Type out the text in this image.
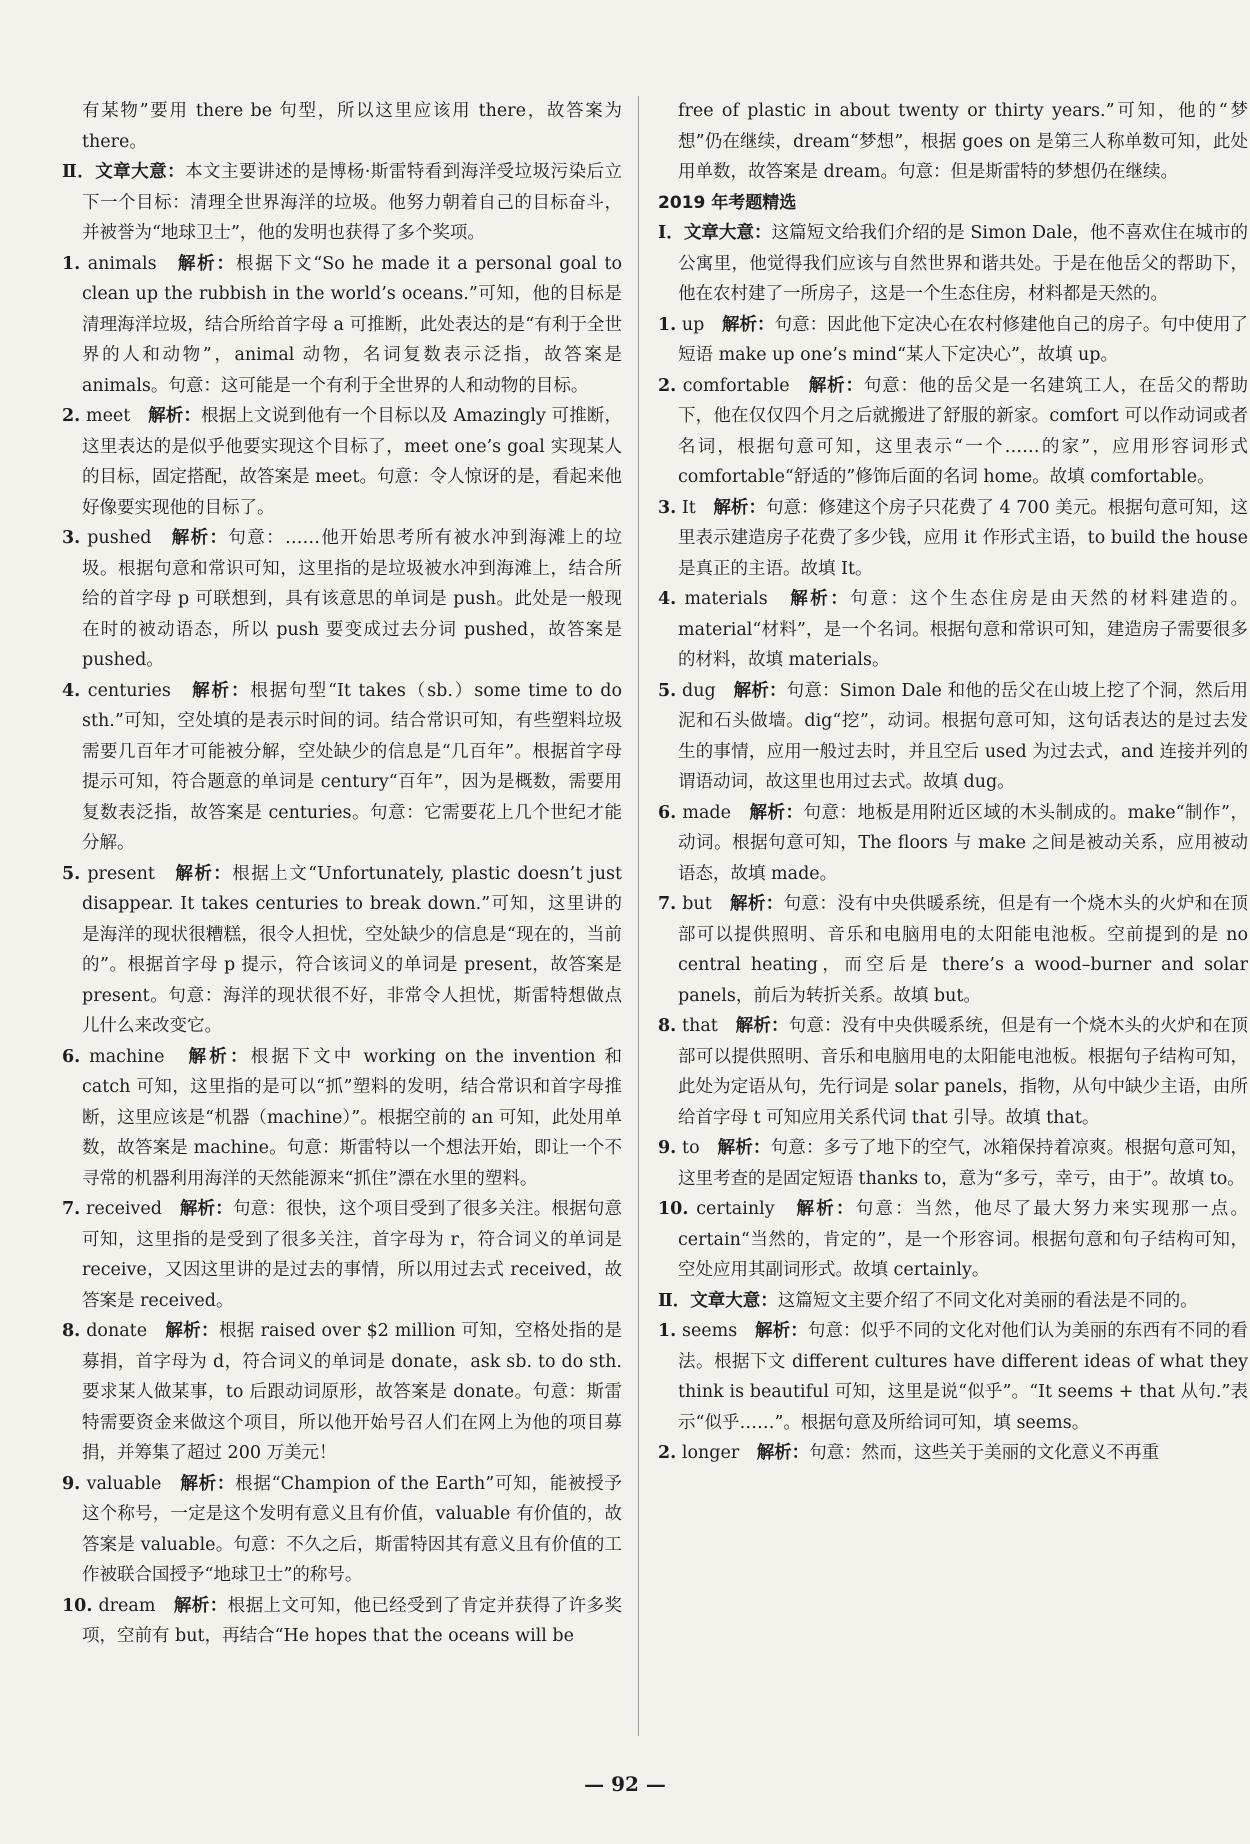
有某物”要用 there be 句型，所以这里应该用 there，故答案为 there。

Ⅱ．文章大意：本文主要讲述的是博杨·斯雷特看到海洋受垃圾污染后立下一个目标：清理全世界海洋的垃圾。他努力朝着自己的目标奋斗，并被誉为“地球卫士”，他的发明也获得了多个奖项。

1. animals　 解析：根据下文“So he made it a personal goal to clean up the rubbish in the world’s oceans.”可知，他的目标是清理海洋垃圾，结合所给首字母 a 可推断，此处表达的是“有利于全世界的人和动物”，animal 动物，名词复数表示泛指，故答案是 animals。句意：这可能是一个有利于全世界的人和动物的目标。

2. meet　 解析：根据上文说到他有一个目标以及 Amazingly 可推断，这里表达的是似乎他要实现这个目标了，meet one’s goal 实现某人的目标，固定搭配，故答案是 meet。句意：令人惊讶的是，看起来他好像要实现他的目标了。

3. pushed　 解析：句意：……他开始思考所有被水冲到海滩上的垃圾。根据句意和常识可知，这里指的是垃圾被水冲到海滩上，结合所给的首字母 p 可联想到，具有该意思的单词是 push。此处是一般现在时的被动语态，所以 push 要变成过去分词 pushed，故答案是 pushed。

4. centuries　 解析：根据句型“It takes（sb.）some time to do sth.”可知，空处填的是表示时间的词。结合常识可知，有些塑料垃圾需要几百年才可能被分解，空处缺少的信息是“几百年”。根据首字母提示可知，符合题意的单词是 century“百年”，因为是概数，需要用复数表泛指，故答案是 centuries。句意：它需要花上几个世纪才能分解。

5. present　 解析：根据上文“Unfortunately, plastic doesn’t just disappear. It takes centuries to break down.”可知，这里讲的是海洋的现状很糟糕，很令人担忧，空处缺少的信息是“现在的，当前的”。根据首字母 p 提示，符合该词义的单词是 present，故答案是 present。句意：海洋的现状很不好，非常令人担忧，斯雷特想做点儿什么来改变它。

6. machine　 解析：根据下文中 working on the invention 和 catch 可知，这里指的是可以“抓”塑料的发明，结合常识和首字母推断，这里应该是“机器（machine）”。根据空前的 an 可知，此处用单数，故答案是 machine。句意：斯雷特以一个想法开始，即让一个不寻常的机器利用海洋的天然能源来“抓住”漂在水里的塑料。

7. received　 解析：句意：很快，这个项目受到了很多关注。根据句意可知，这里指的是受到了很多关注，首字母为 r，符合词义的单词是 receive，又因这里讲的是过去的事情，所以用过去式 received，故答案是 received。

8. donate　 解析：根据 raised over $2 million 可知，空格处指的是募捐，首字母为 d，符合词义的单词是 donate，ask sb. to do sth. 要求某人做某事，to 后跟动词原形，故答案是 donate。句意：斯雷特需要资金来做这个项目，所以他开始号召人们在网上为他的项目募捐，并筹集了超过 200 万美元！

9. valuable　 解析：根据“Champion of the Earth”可知，能被授予这个称号，一定是这个发明有意义且有价值，valuable 有价值的，故答案是 valuable。句意：不久之后，斯雷特因其有意义且有价值的工作被联合国授予“地球卫士”的称号。

10. dream　 解析：根据上文可知，他已经受到了肯定并获得了许多奖项，空前有 but，再结合“He hopes that the oceans will be

free of plastic in about twenty or thirty years.”可知，他的“梦想”仍在继续，dream“梦想”，根据 goes on 是第三人称单数可知，此处用单数，故答案是 dream。句意：但是斯雷特的梦想仍在继续。

2019 年考题精选

Ⅰ．文章大意：这篇短文给我们介绍的是 Simon Dale，他不喜欢住在城市的公寓里，他觉得我们应该与自然世界和谐共处。于是在他岳父的帮助下，他在农村建了一所房子，这是一个生态住房，材料都是天然的。

1. up　 解析：句意：因此他下定决心在农村修建他自己的房子。句中使用了短语 make up one’s mind“某人下定决心”，故填 up。

2. comfortable　 解析：句意：他的岳父是一名建筑工人，在岳父的帮助下，他在仅仅四个月之后就搬进了舒服的新家。comfort 可以作动词或者名词，根据句意可知，这里表示“一个……的家”，应用形容词形式 comfortable“舒适的”修饰后面的名词 home。故填 comfortable。

3. It　 解析：句意：修建这个房子只花费了 4 700 美元。根据句意可知，这里表示建造房子花费了多少钱，应用 it 作形式主语，to build the house 是真正的主语。故填 It。

4. materials　 解析：句意：这个生态住房是由天然的材料建造的。material“材料”，是一个名词。根据句意和常识可知，建造房子需要很多的材料，故填 materials。

5. dug　 解析：句意：Simon Dale 和他的岳父在山坡上挖了个洞，然后用泥和石头做墙。dig“挖”，动词。根据句意可知，这句话表达的是过去发生的事情，应用一般过去时，并且空后 used 为过去式，and 连接并列的谓语动词，故这里也用过去式。故填 dug。

6. made　 解析：句意：地板是用附近区域的木头制成的。make“制作”，动词。根据句意可知，The floors 与 make 之间是被动关系，应用被动语态，故填 made。

7. but　 解析：句意：没有中央供暖系统，但是有一个烧木头的火炉和在顶部可以提供照明、音乐和电脑用电的太阳能电池板。空前提到的是 no central heating，而空后是 there’s a wood–burner and solar panels，前后为转折关系。故填 but。

8. that　 解析：句意：没有中央供暖系统，但是有一个烧木头的火炉和在顶部可以提供照明、音乐和电脑用电的太阳能电池板。根据句子结构可知，此处为定语从句，先行词是 solar panels，指物，从句中缺少主语，由所给首字母 t 可知应用关系代词 that 引导。故填 that。

9. to　 解析：句意：多亏了地下的空气，冰箱保持着凉爽。根据句意可知，这里考查的是固定短语 thanks to，意为“多亏，幸亏，由于”。故填 to。

10. certainly　 解析：句意：当然，他尽了最大努力来实现那一点。certain“当然的，肯定的”，是一个形容词。根据句意和句子结构可知，空处应用其副词形式。故填 certainly。

Ⅱ．文章大意：这篇短文主要介绍了不同文化对美丽的看法是不同的。

1. seems　 解析：句意：似乎不同的文化对他们认为美丽的东西有不同的看法。根据下文 different cultures have different ideas of what they think is beautiful 可知，这里是说“似乎”。“It seems + that 从句.”表示“似乎……”。根据句意及所给词可知，填 seems。

2. longer　 解析：句意：然而，这些关于美丽的文化意义不再重

— 92 —
